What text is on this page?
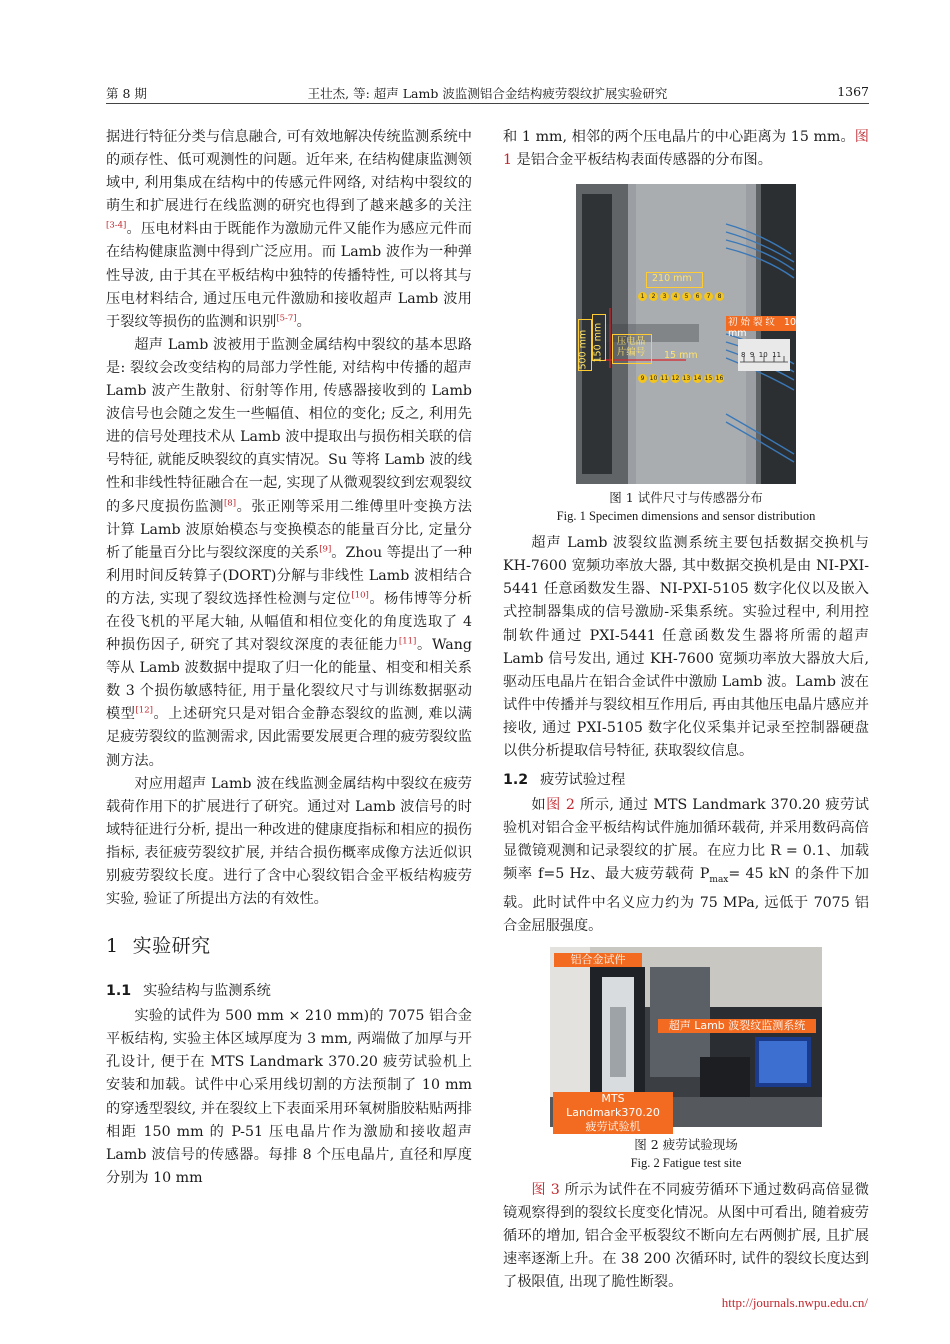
第 8 期	王壮杰, 等: 超声 Lamb 波监测铝合金结构疲劳裂纹扩展实验研究	1367

据进行特征分类与信息融合, 可有效地解决传统监测系统中的顽存性、低可观测性的问题。近年来, 在结构健康监测领域中, 利用集成在结构中的传感元件网络, 对结构中裂纹的萌生和扩展进行在线监测的研究也得到了越来越多的关注[3-4]。压电材料由于既能作为激励元件又能作为感应元件而在结构健康监测中得到广泛应用。而 Lamb 波作为一种弹性导波, 由于其在平板结构中独特的传播特性, 可以将其与压电材料结合, 通过压电元件激励和接收超声 Lamb 波用于裂纹等损伤的监测和识别[5-7]。

超声 Lamb 波被用于监测金属结构中裂纹的基本思路是: 裂纹会改变结构的局部力学性能, 对结构中传播的超声 Lamb 波产生散射、衍射等作用, 传感器接收到的 Lamb 波信号也会随之发生一些幅值、相位的变化; 反之, 利用先进的信号处理技术从 Lamb 波中提取出与损伤相关联的信号特征, 就能反映裂纹的真实情况。Su 等将 Lamb 波的线性和非线性特征融合在一起, 实现了从微观裂纹到宏观裂纹的多尺度损伤监测[8]。张正刚等采用二维傅里叶变换方法计算 Lamb 波原始模态与变换模态的能量百分比, 定量分析了能量百分比与裂纹深度的关系[9]。Zhou 等提出了一种利用时间反转算子(DORT)分解与非线性 Lamb 波相结合的方法, 实现了裂纹选择性检测与定位[10]。杨伟博等分析在役飞机的平尾大轴, 从幅值和相位变化的角度选取了 4 种损伤因子, 研究了其对裂纹深度的表征能力[11]。Wang 等从 Lamb 波数据中提取了归一化的能量、相变和相关系数 3 个损伤敏感特征, 用于量化裂纹尺寸与训练数据驱动模型[12]。上述研究只是对铝合金静态裂纹的监测, 难以满足疲劳裂纹的监测需求, 因此需要发展更合理的疲劳裂纹监测方法。

对应用超声 Lamb 波在线监测金属结构中裂纹在疲劳载荷作用下的扩展进行了研究。通过对 Lamb 波信号的时域特征进行分析, 提出一种改进的健康度指标和相应的损伤指标, 表征疲劳裂纹扩展, 并结合损伤概率成像方法近似识别疲劳裂纹长度。进行了含中心裂纹铝合金平板结构疲劳实验, 验证了所提出方法的有效性。

1 实验研究
1.1 实验结构与监测系统

实验的试件为 500 mm × 210 mm)的 7075 铝合金平板结构, 实验主体区域厚度为 3 mm, 两端做了加厚与开孔设计, 便于在 MTS Landmark 370.20 疲劳试验机上安装和加载。试件中心采用线切割的方法预制了 10 mm 的穿透型裂纹, 并在裂纹上下表面采用环氧树脂胶粘贴两排相距 150 mm 的 P-51 压电晶片作为激励和接收超声 Lamb 波信号的传感器。每排 8 个压电晶片, 直径和厚度分别为 10 mm

和 1 mm, 相邻的两个压电晶片的中心距离为 15 mm。图 1 是铝合金平板结构表面传感器的分布图。

210 mm
15 mm
1	2	3	4	5	6	7	8
9 10 11 12 13 14 15 16
500 mm 150 mm 压电晶片编号
初始裂纹 10 mm
8  9  10  11

图 1 试件尺寸与传感器分布

Fig. 1 Specimen dimensions and sensor distribution

超声 Lamb 波裂纹监测系统主要包括数据交换机与 KH-7600 宽频功率放大器, 其中数据交换机是由 NI-PXI-5441 任意函数发生器、NI-PXI-5105 数字化仪以及嵌入式控制器集成的信号激励-采集系统。实验过程中, 利用控制软件通过 PXI-5441 任意函数发生器将所需的超声 Lamb 信号发出, 通过 KH-7600 宽频功率放大器放大后, 驱动压电晶片在铝合金试件中激励 Lamb 波。Lamb 波在试件中传播并与裂纹相互作用后, 再由其他压电晶片感应并接收, 通过 PXI-5105 数字化仪采集并记录至控制器硬盘以供分析提取信号特征, 获取裂纹信息。

1.2 疲劳试验过程

如图 2 所示, 通过 MTS Landmark 370.20 疲劳试验机对铝合金平板结构试件施加循环载荷, 并采用数码高倍显微镜观测和记录裂纹的扩展。在应力比 R = 0.1、加载频率 f=5 Hz、最大疲劳载荷 $P_{max}= 45$ kN 的条件下加载。此时试件中名义应力约为 75 MPa, 远低于 7075 铝合金屈服强度。

铝合金试件
超声 Lamb 波裂纹监测系统
MTS Landmark370.20
疲劳试验机

图 2 疲劳试验现场

Fig. 2 Fatigue test site

图 3 所示为试件在不同疲劳循环下通过数码高倍显微镜观察得到的裂纹长度变化情况。从图中可看出, 随着疲劳循环的增加, 铝合金平板裂纹不断向左右两侧扩展, 且扩展速率逐渐上升。在 38 200 次循环时, 试件的裂纹长度达到了极限值, 出现了脆性断裂。

http://journals.nwpu.edu.cn/
